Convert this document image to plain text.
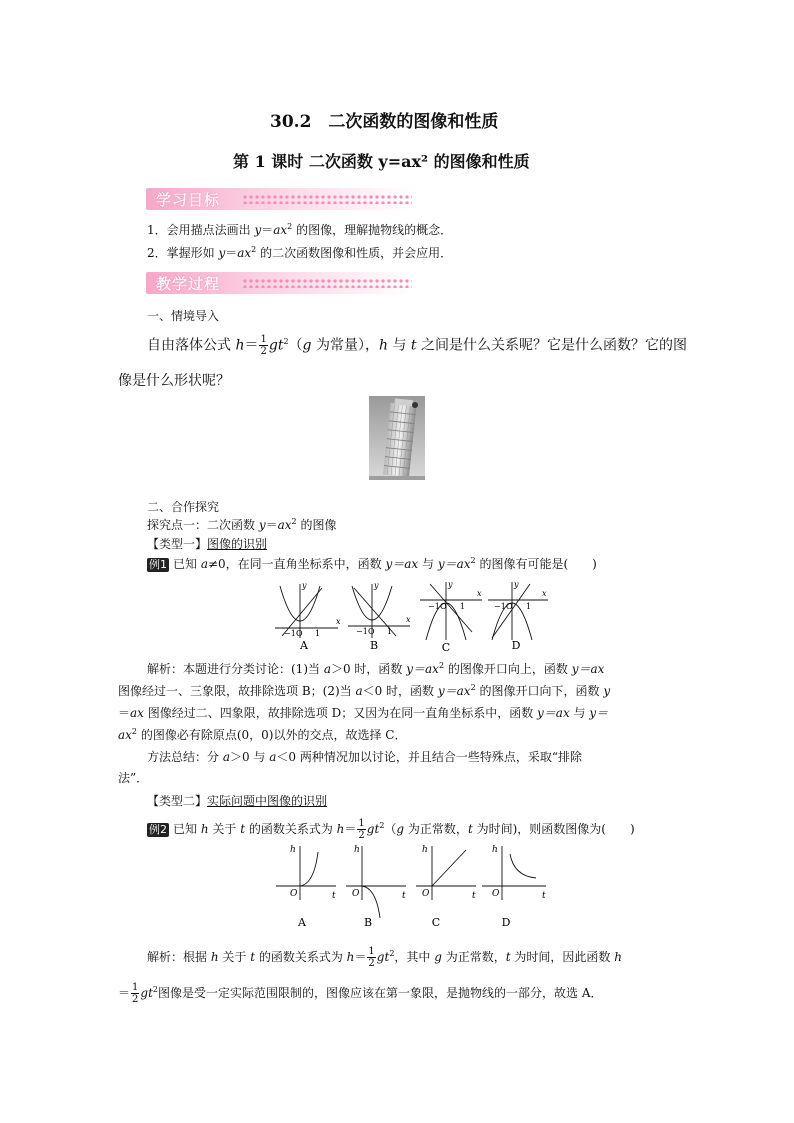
30.2　二次函数的图像和性质
第 1 课时 二次函数 y=ax² 的图像和性质
学习目标
1．会用描点法画出 $y=ax^2$ 的图像，理解抛物线的概念．
2．掌握形如 $y=ax^2$ 的二次函数图像和性质，并会应用．
教学过程
一、情境导入
自由落体公式 $h= \frac{1}{2} gt^2(g$ 为常量），h 与 t 之间是什么关系呢？它是什么函数？它的图
像是什么形状呢？
二、合作探究
探究点一：二次函数 $y=ax^2$ 的图像
【类型一】图像的识别
例1 已知 a≠0，在同一直角坐标系中，函数 y＝ax 与 $y=ax^2$ 的图像有可能是(　　)
y
x
y
x
y
x
y
x
−1 O 1	−1 O 1
−1 O 1	−1 O 1
A	B	C	D
解析：本题进行分类讨论：(1)当 a＞0 时，函数 $y=ax^2$ 的图像开口向上，函数 y＝ax
图像经过一、三象限，故排除选项 B；(2)当 a＜0 时，函数 $y=ax^2$ 的图像开口向下，函数 y
＝ax 图像经过二、四象限，故排除选项 D；又因为在同一直角坐标系中，函数 y＝ax 与 y＝
$ax^2$ 的图像必有除原点(0，0)以外的交点，故选择 C．
方法总结：分 a＞0 与 a＜0 两种情况加以讨论，并且结合一些特殊点，采取“排除
法”．
【类型二】实际问题中图像的识别
例2 已知 h 关于 t 的函数关系式为 $h= \frac{1}{2} gt^2(g$ 为正常数，t 为时间)，则函数图像为(　　)
h
t
O
h
t
O
h
t
O
h
t
O
A	B	C	D
解析：根据 h 关于 t 的函数关系式为 $h= \frac{1}{2} gt^2$，其中 g 为正常数，t 为时间，因此函数 h
＝ $\frac{1}{2} gt^2$图像是受一定实际范围限制的，图像应该在第一象限，是抛物线的一部分，故选 A．
